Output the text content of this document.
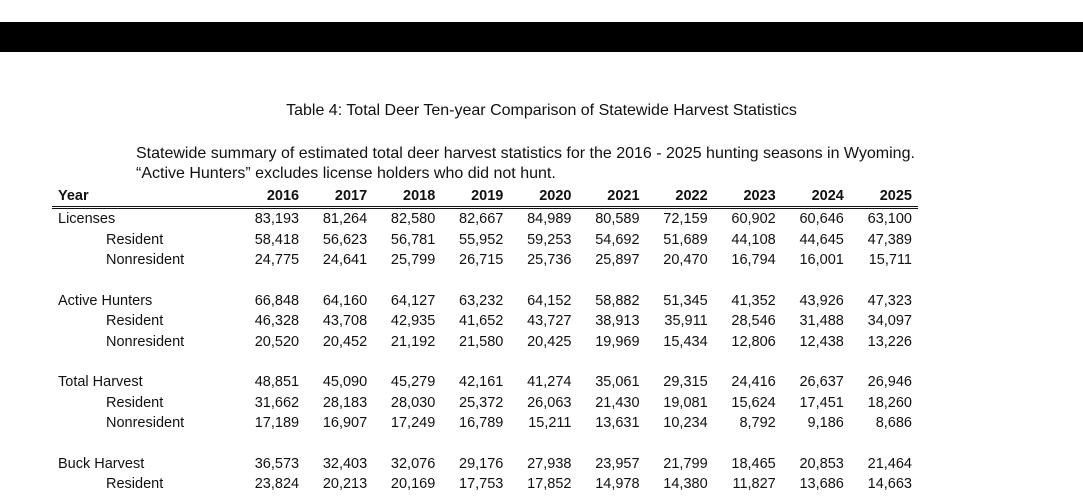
Table 4: Total Deer Ten-year Comparison of Statewide Harvest Statistics
Statewide summary of estimated total deer harvest statistics for the 2016 - 2025 hunting seasons in Wyoming.
“Active Hunters” excludes license holders who did not hunt.
Year	2016	2017	2018	2019	2020	2021	2022	2023	2024	2025
Licenses	83,193	81,264	82,580	82,667	84,989	80,589	72,159	60,902	60,646	63,100
Resident	58,418	56,623	56,781	55,952	59,253	54,692	51,689	44,108	44,645	47,389
Nonresident	24,775	24,641	25,799	26,715	25,736	25,897	20,470	16,794	16,001	15,711

Active Hunters	66,848	64,160	64,127	63,232	64,152	58,882	51,345	41,352	43,926	47,323
Resident	46,328	43,708	42,935	41,652	43,727	38,913	35,911	28,546	31,488	34,097
Nonresident	20,520	20,452	21,192	21,580	20,425	19,969	15,434	12,806	12,438	13,226

Total Harvest	48,851	45,090	45,279	42,161	41,274	35,061	29,315	24,416	26,637	26,946
Resident	31,662	28,183	28,030	25,372	26,063	21,430	19,081	15,624	17,451	18,260
Nonresident	17,189	16,907	17,249	16,789	15,211	13,631	10,234	8,792	9,186	8,686

Buck Harvest	36,573	32,403	32,076	29,176	27,938	23,957	21,799	18,465	20,853	21,464
Resident	23,824	20,213	20,169	17,753	17,852	14,978	14,380	11,827	13,686	14,663
